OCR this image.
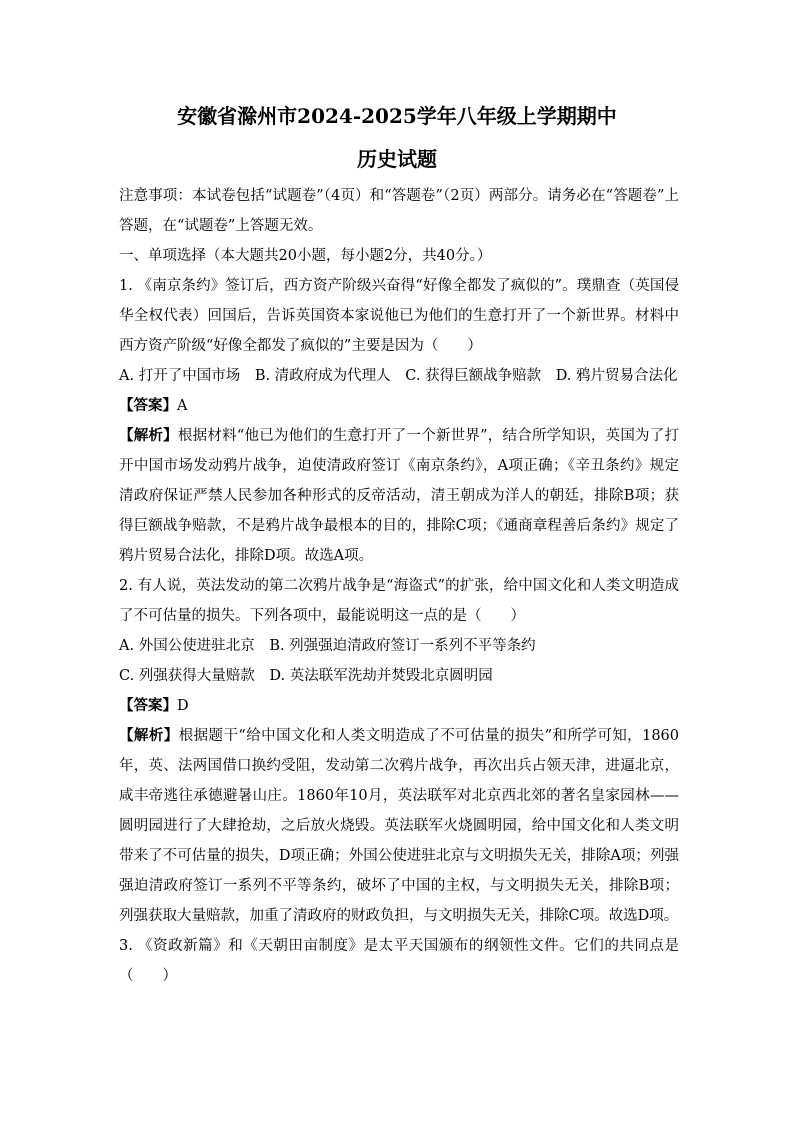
安徽省滁州市2024-2025学年八年级上学期期中
历史试题

注意事项：本试卷包括“试题卷”（4页）和“答题卷”（2页）两部分。请务必在“答题卷”上答题，在“试题卷”上答题无效。

一、单项选择（本大题共20小题，每小题2分，共40分。）

1. 《南京条约》签订后，西方资产阶级兴奋得“好像全都发了疯似的”。璞鼎查（英国侵华全权代表）回国后，告诉英国资本家说他已为他们的生意打开了一个新世界。材料中西方资产阶级“好像全都发了疯似的”主要是因为（　　）

A. 打开了中国市场 B. 清政府成为代理人 C. 获得巨额战争赔款 D. 鸦片贸易合法化

【答案】A

【解析】根据材料“他已为他们的生意打开了一个新世界”，结合所学知识，英国为了打开中国市场发动鸦片战争，迫使清政府签订《南京条约》，A项正确；《辛丑条约》规定清政府保证严禁人民参加各种形式的反帝活动，清王朝成为洋人的朝廷，排除B项；获得巨额战争赔款，不是鸦片战争最根本的目的，排除C项；《通商章程善后条约》规定了鸦片贸易合法化，排除D项。故选A项。

2. 有人说，英法发动的第二次鸦片战争是“海盗式”的扩张，给中国文化和人类文明造成了不可估量的损失。下列各项中，最能说明这一点的是（　　）

A. 外国公使进驻北京 B. 列强强迫清政府签订一系列不平等条约

C. 列强获得大量赔款 D. 英法联军洗劫并焚毁北京圆明园

【答案】D

【解析】根据题干“给中国文化和人类文明造成了不可估量的损失”和所学可知，1860年，英、法两国借口换约受阻，发动第二次鸦片战争，再次出兵占领天津，进逼北京，咸丰帝逃往承德避暑山庄。1860年10月，英法联军对北京西北郊的著名皇家园林——圆明园进行了大肆抢劫，之后放火烧毁。英法联军火烧圆明园，给中国文化和人类文明带来了不可估量的损失，D项正确；外国公使进驻北京与文明损失无关，排除A项；列强强迫清政府签订一系列不平等条约，破坏了中国的主权，与文明损失无关，排除B项；列强获取大量赔款，加重了清政府的财政负担，与文明损失无关，排除C项。故选D项。

3. 《资政新篇》和《天朝田亩制度》是太平天国颁布的纲领性文件。它们的共同点是（　　）
